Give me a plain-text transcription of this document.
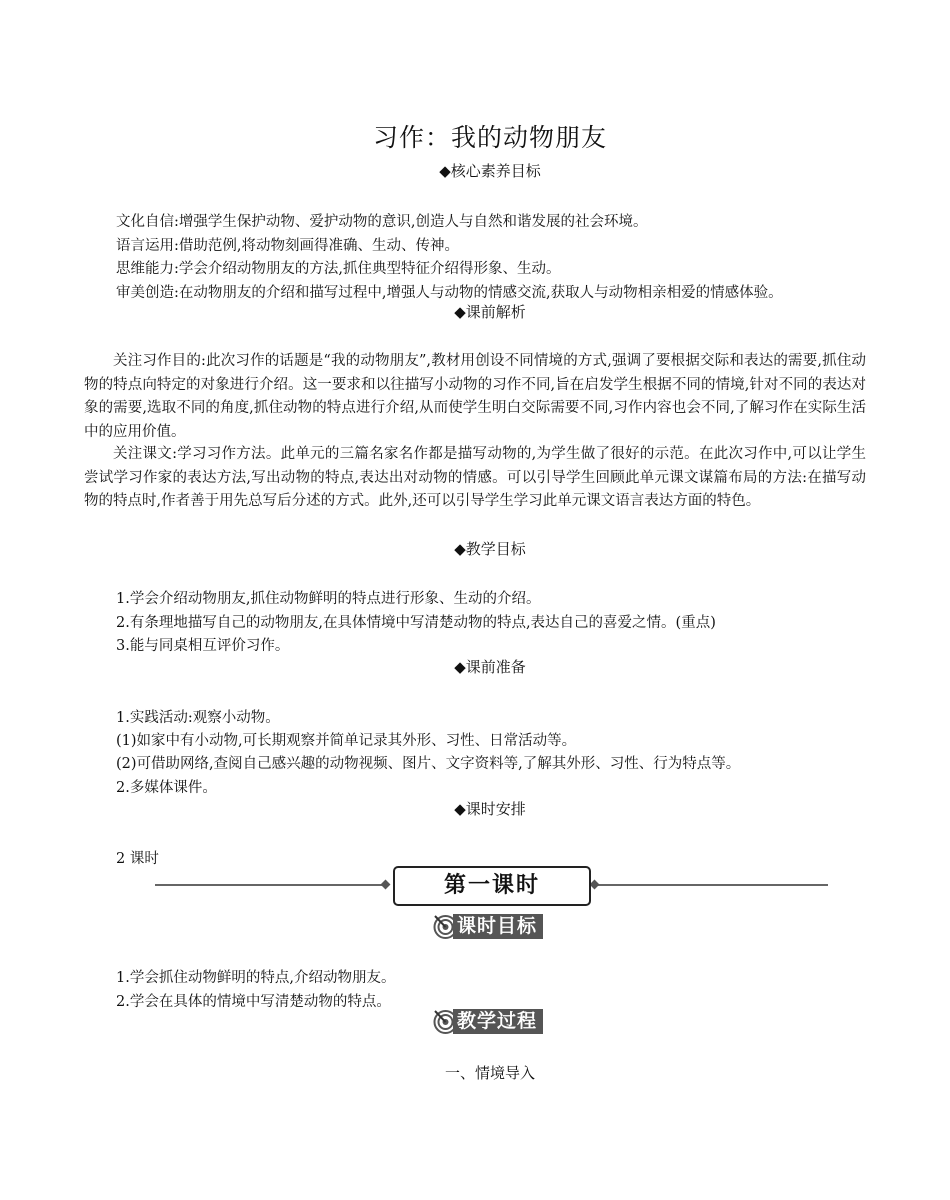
习作：我的动物朋友
◆核心素养目标
文化自信:增强学生保护动物、爱护动物的意识,创造人与自然和谐发展的社会环境。
语言运用:借助范例,将动物刻画得准确、生动、传神。
思维能力:学会介绍动物朋友的方法,抓住典型特征介绍得形象、生动。
审美创造:在动物朋友的介绍和描写过程中,增强人与动物的情感交流,获取人与动物相亲相爱的情感体验。
◆课前解析

关注习作目的:此次习作的话题是“我的动物朋友”,教材用创设不同情境的方式,强调了要根据交际和表达的需要,抓住动物的特点向特定的对象进行介绍。这一要求和以往描写小动物的习作不同,旨在启发学生根据不同的情境,针对不同的表达对象的需要,选取不同的角度,抓住动物的特点进行介绍,从而使学生明白交际需要不同,习作内容也会不同,了解习作在实际生活中的应用价值。

关注课文:学习习作方法。此单元的三篇名家名作都是描写动物的,为学生做了很好的示范。在此次习作中,可以让学生尝试学习作家的表达方法,写出动物的特点,表达出对动物的情感。可以引导学生回顾此单元课文谋篇布局的方法:在描写动物的特点时,作者善于用先总写后分述的方式。此外,还可以引导学生学习此单元课文语言表达方面的特色。

◆教学目标
1.学会介绍动物朋友,抓住动物鲜明的特点进行形象、生动的介绍。
2.有条理地描写自己的动物朋友,在具体情境中写清楚动物的特点,表达自己的喜爱之情。(重点)
3.能与同桌相互评价习作。
◆课前准备
1.实践活动:观察小动物。
(1)如家中有小动物,可长期观察并简单记录其外形、习性、日常活动等。
(2)可借助网络,查阅自己感兴趣的动物视频、图片、文字资料等,了解其外形、习性、行为特点等。
2.多媒体课件。
◆课时安排
2 课时
第一课时
课时目标
1.学会抓住动物鲜明的特点,介绍动物朋友。
2.学会在具体的情境中写清楚动物的特点。
教学过程
一、情境导入
